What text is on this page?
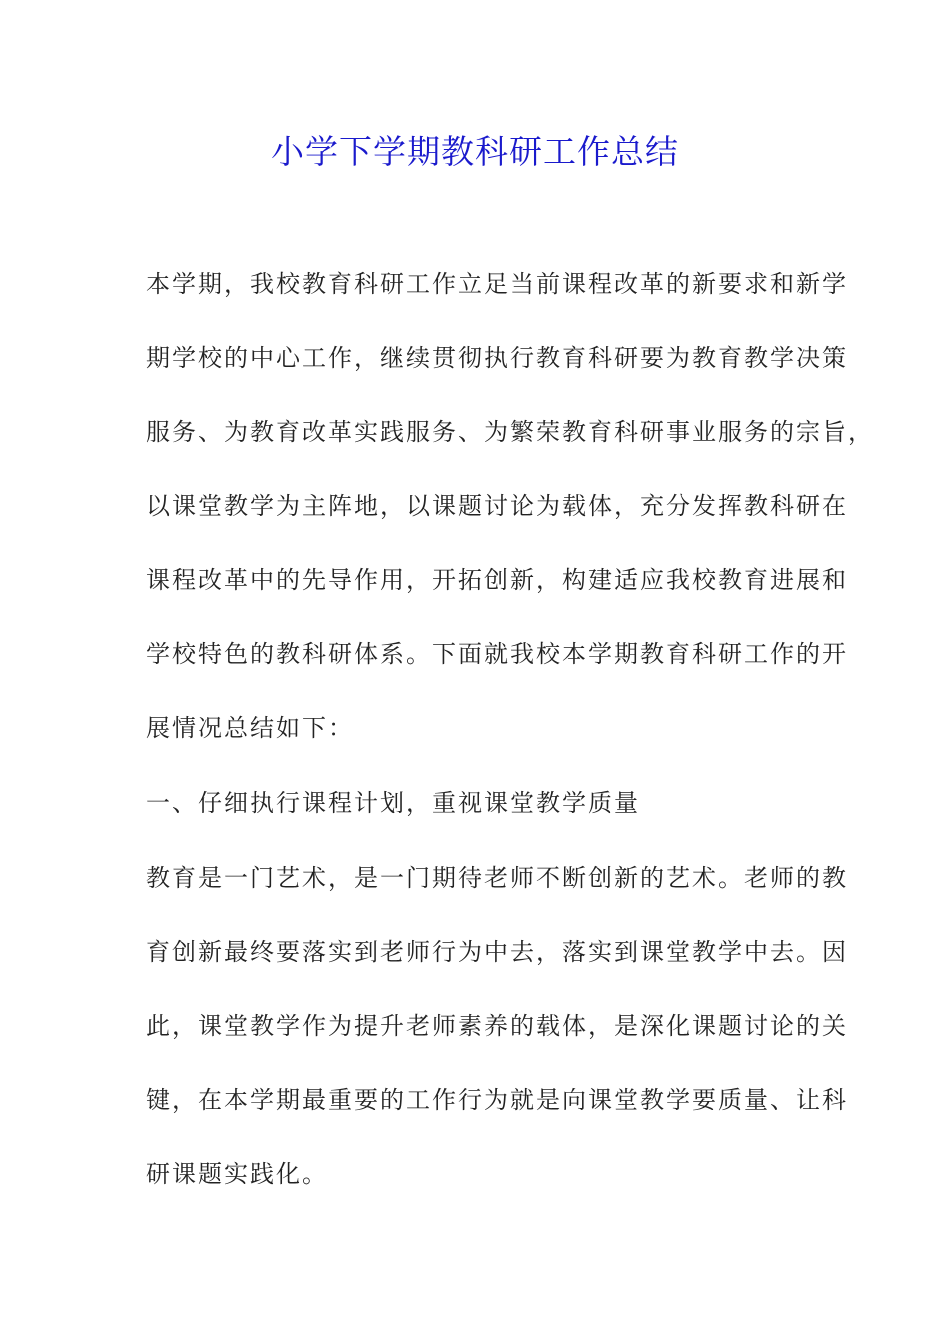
小学下学期教科研工作总结
本学期，我校教育科研工作立足当前课程改革的新要求和新学
期学校的中心工作，继续贯彻执行教育科研要为教育教学决策
服务、为教育改革实践服务、为繁荣教育科研事业服务的宗旨，
以课堂教学为主阵地，以课题讨论为载体，充分发挥教科研在
课程改革中的先导作用，开拓创新，构建适应我校教育进展和
学校特色的教科研体系。下面就我校本学期教育科研工作的开
展情况总结如下：
一、仔细执行课程计划，重视课堂教学质量
教育是一门艺术，是一门期待老师不断创新的艺术。老师的教
育创新最终要落实到老师行为中去，落实到课堂教学中去。因
此，课堂教学作为提升老师素养的载体，是深化课题讨论的关
键，在本学期最重要的工作行为就是向课堂教学要质量、让科
研课题实践化。
